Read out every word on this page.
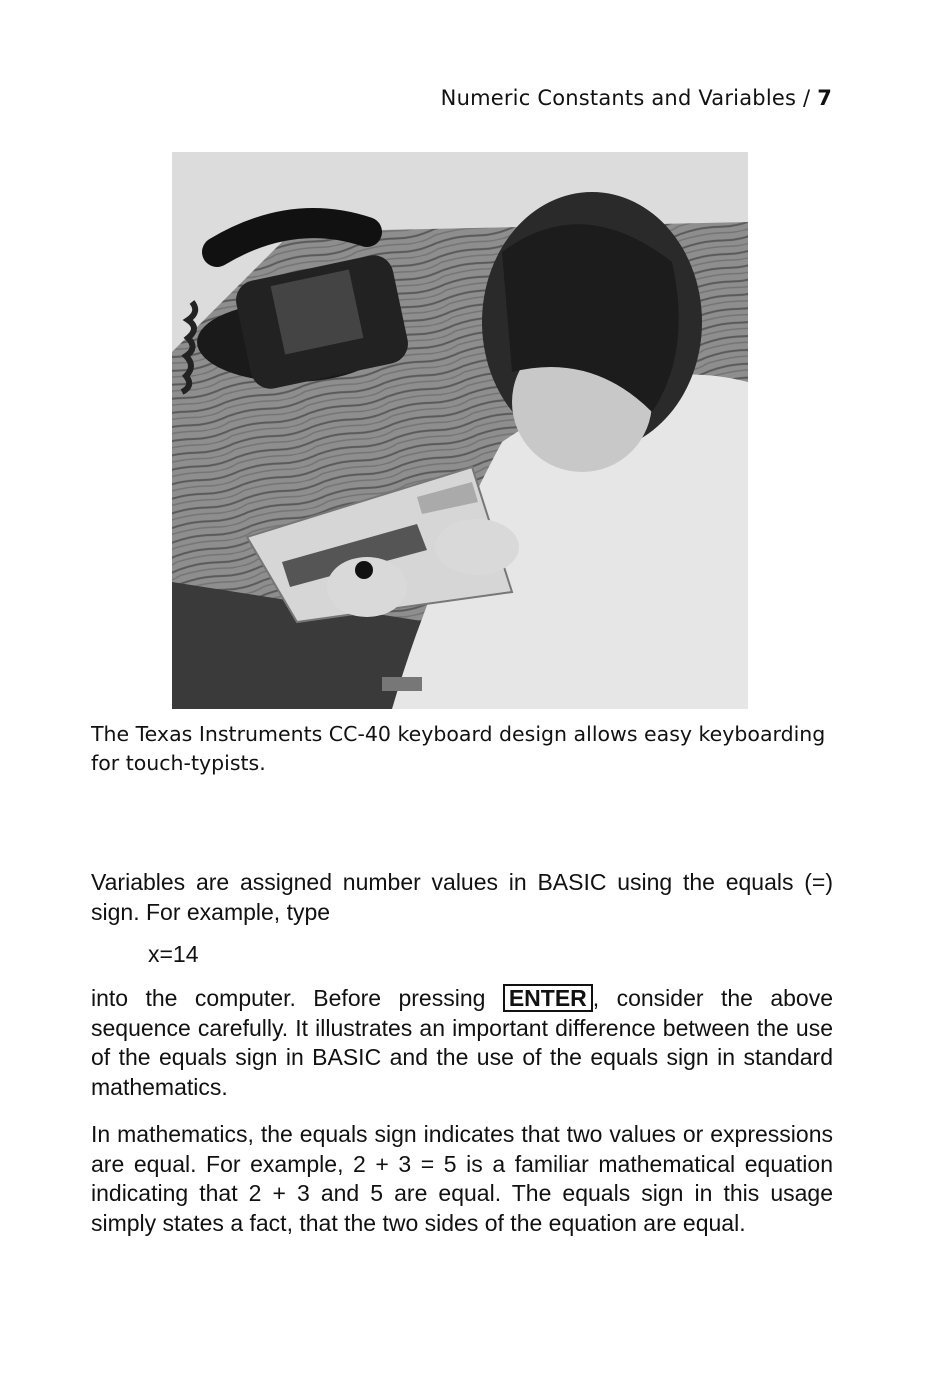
Numeric Constants and Variables / 7
The Texas Instruments CC-40 keyboard design allows easy keyboarding for touch-typists.
Variables are assigned number values in BASIC using the equals (=) sign. For example, type
x=14
into the computer. Before pressing ENTER , consider the above sequence carefully. It illustrates an important difference between the use of the equals sign in BASIC and the use of the equals sign in standard mathematics.
In mathematics, the equals sign indicates that two values or expressions are equal. For example, 2 + 3 = 5 is a familiar mathematical equation indicating that 2 + 3 and 5 are equal. The equals sign in this usage simply states a fact, that the two sides of the equation are equal.
